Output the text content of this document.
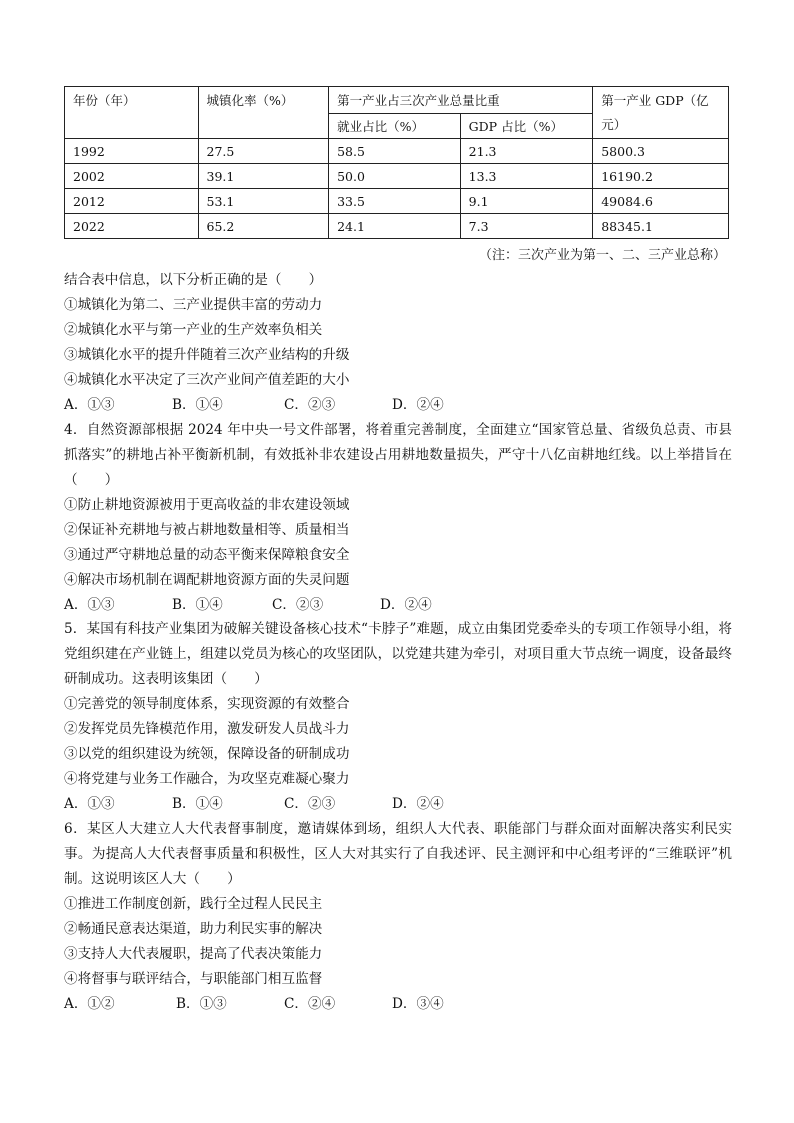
年份（年）	城镇化率（%）	第一产业占三次产业总量比重		第一产业 GDP（亿元）
		就业占比（%）	GDP 占比（%）	
1992	27.5	58.5	21.3	5800.3
2002	39.1	50.0	13.3	16190.2
2012	53.1	33.5	9.1	49084.6
2022	65.2	24.1	7.3	88345.1
（注：三次产业为第一、二、三产业总称）
结合表中信息，以下分析正确的是（　　）
①城镇化为第二、三产业提供丰富的劳动力
②城镇化水平与第一产业的生产效率负相关
③城镇化水平的提升伴随着三次产业结构的升级
④城镇化水平决定了三次产业间产值差距的大小
A．①③	B．①④	C．②③	D．②④
4．自然资源部根据 2024 年中央一号文件部署，将着重完善制度，全面建立“国家管总量、省级负总责、市县抓落实”的耕地占补平衡新机制，有效抵补非农建设占用耕地数量损失，严守十八亿亩耕地红线。以上举措旨在（　　）
①防止耕地资源被用于更高收益的非农建设领域
②保证补充耕地与被占耕地数量相等、质量相当
③通过严守耕地总量的动态平衡来保障粮食安全
④解决市场机制在调配耕地资源方面的失灵问题
A．①③	B．①④	C．②③	D．②④
5．某国有科技产业集团为破解关键设备核心技术“卡脖子”难题，成立由集团党委牵头的专项工作领导小组，将党组织建在产业链上，组建以党员为核心的攻坚团队，以党建共建为牵引，对项目重大节点统一调度，设备最终研制成功。这表明该集团（　　）
①完善党的领导制度体系，实现资源的有效整合
②发挥党员先锋模范作用，激发研发人员战斗力
③以党的组织建设为统领，保障设备的研制成功
④将党建与业务工作融合，为攻坚克难凝心聚力
A．①③	B．①④	C．②③	D．②④
6．某区人大建立人大代表督事制度，邀请媒体到场，组织人大代表、职能部门与群众面对面解决落实利民实事。为提高人大代表督事质量和积极性，区人大对其实行了自我述评、民主测评和中心组考评的“三维联评”机制。这说明该区人大（　　）
①推进工作制度创新，践行全过程人民民主
②畅通民意表达渠道，助力利民实事的解决
③支持人大代表履职，提高了代表决策能力
④将督事与联评结合，与职能部门相互监督
A．①②	B．①③	C．②④	D．③④
